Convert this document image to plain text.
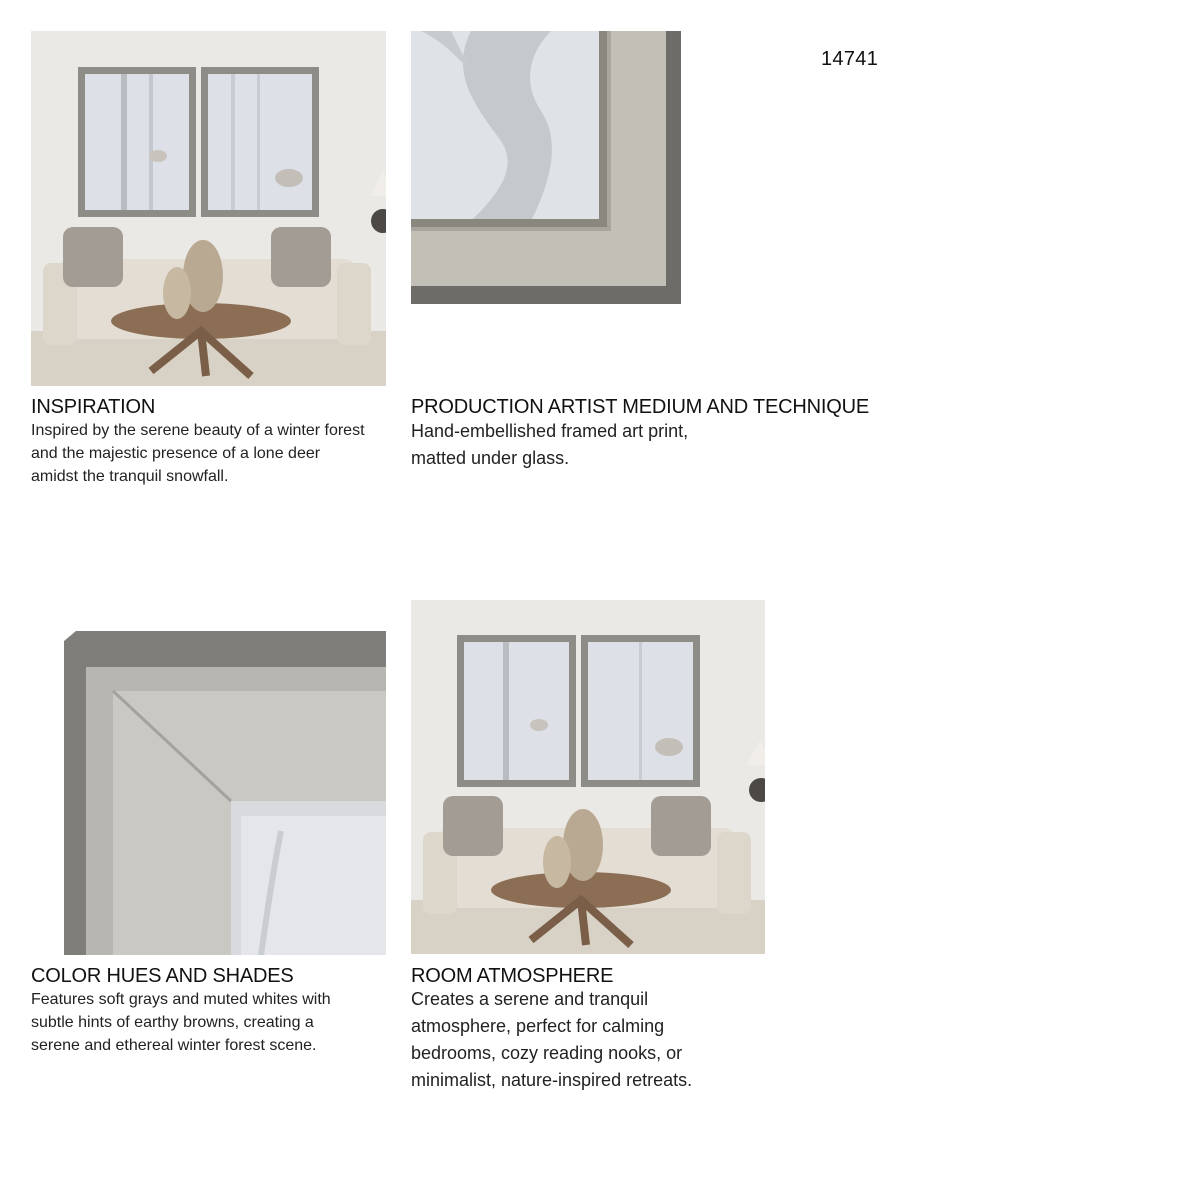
14741
INSPIRATION
Inspired by the serene beauty of a winter forest and the majestic presence of a lone deer amidst the tranquil snowfall.
PRODUCTION ARTIST MEDIUM AND TECHNIQUE
Hand-embellished framed art print, matted under glass.
COLOR HUES AND SHADES
Features soft grays and muted whites with subtle hints of earthy browns, creating a serene and ethereal winter forest scene.
ROOM ATMOSPHERE
Creates a serene and tranquil atmosphere, perfect for calming bedrooms, cozy reading nooks, or minimalist, nature-inspired retreats.
